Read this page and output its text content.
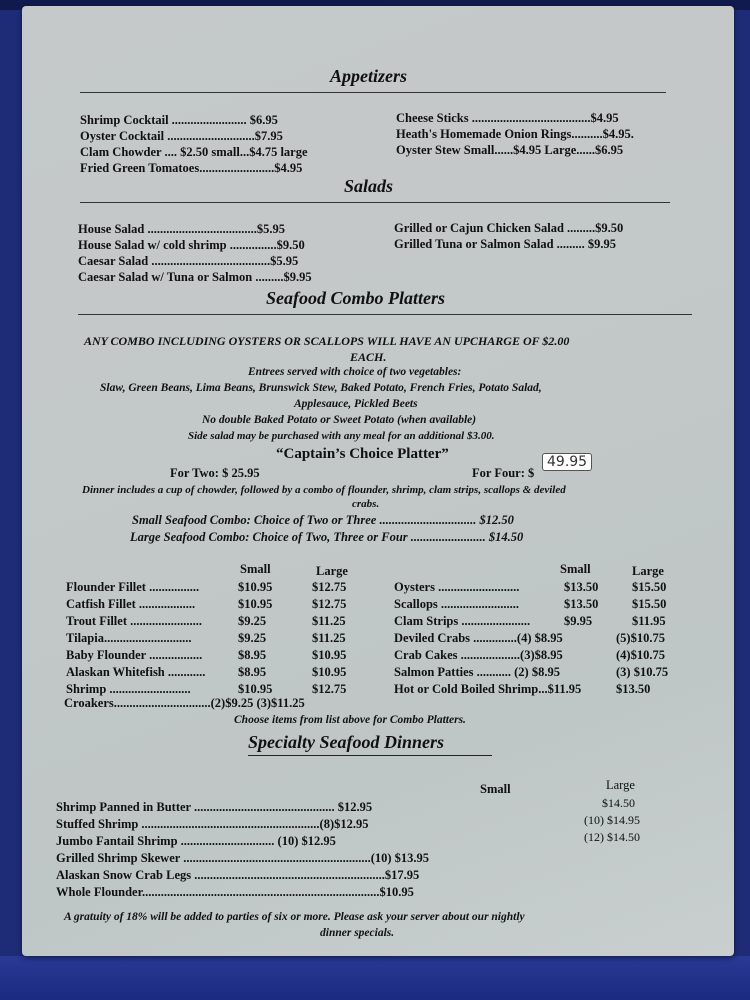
Appetizers
Shrimp Cocktail ........................ $6.95
Oyster Cocktail ............................$7.95
Clam Chowder .... $2.50 small...$4.75 large
Fried Green Tomatoes........................$4.95
Cheese Sticks ......................................$4.95
Heath's Homemade Onion Rings..........$4.95.
Oyster Stew Small......$4.95 Large......$6.95
Salads
House Salad ...................................$5.95
House Salad w/ cold shrimp ...............$9.50
Caesar Salad ......................................$5.95
Caesar Salad w/ Tuna or Salmon .........$9.95
Grilled or Cajun Chicken Salad .........$9.50
Grilled Tuna or Salmon Salad ......... $9.95
Seafood Combo Platters
ANY COMBO INCLUDING OYSTERS OR SCALLOPS WILL HAVE AN UPCHARGE OF $2.00
EACH.
Entrees served with choice of two vegetables:
Slaw, Green Beans, Lima Beans, Brunswick Stew, Baked Potato, French Fries, Potato Salad,
Applesauce, Pickled Beets
No double Baked Potato or Sweet Potato (when available)
Side salad may be purchased with any meal for an additional $3.00.
“Captain’s Choice Platter”
For Two: $ 25.95	For Four: $
49.95
Dinner includes a cup of chowder, followed by a combo of flounder, shrimp, clam strips, scallops & deviled
crabs.
Small Seafood Combo: Choice of Two or Three ............................... $12.50
Large Seafood Combo: Choice of Two, Three or Four ........................ $14.50
Small	Large	Small	Large
Flounder Fillet ................	$10.95	$12.75
Catfish Fillet ..................	$10.95	$12.75
Trout Fillet .......................	$9.25	$11.25
Tilapia............................	$9.25	$11.25
Baby Flounder .................	$8.95	$10.95
Alaskan Whitefish ............	$8.95	$10.95
Shrimp ..........................	$10.95	$12.75
Oysters ..........................	$13.50	$15.50
Scallops .........................	$13.50	$15.50
Clam Strips ......................	$9.95	$11.95
Deviled Crabs ..............(4) $8.95	(5)$10.75
Crab Cakes ...................(3)$8.95	(4)$10.75
Salmon Patties ........... (2) $8.95	(3) $10.75
Hot or Cold Boiled Shrimp...$11.95	$13.50
Croakers...............................(2)$9.25 (3)$11.25
Choose items from list above for Combo Platters.
Specialty Seafood Dinners
Small	Large
Shrimp Panned in Butter ............................................. $12.95	$14.50
Stuffed Shrimp .........................................................(8)$12.95	(10) $14.95
Jumbo Fantail Shrimp .............................. (10) $12.95	(12) $14.50
Grilled Shrimp Skewer ............................................................(10) $13.95
Alaskan Snow Crab Legs .............................................................$17.95
Whole Flounder............................................................................$10.95
A gratuity of 18% will be added to parties of six or more. Please ask your server about our nightly
dinner specials.
